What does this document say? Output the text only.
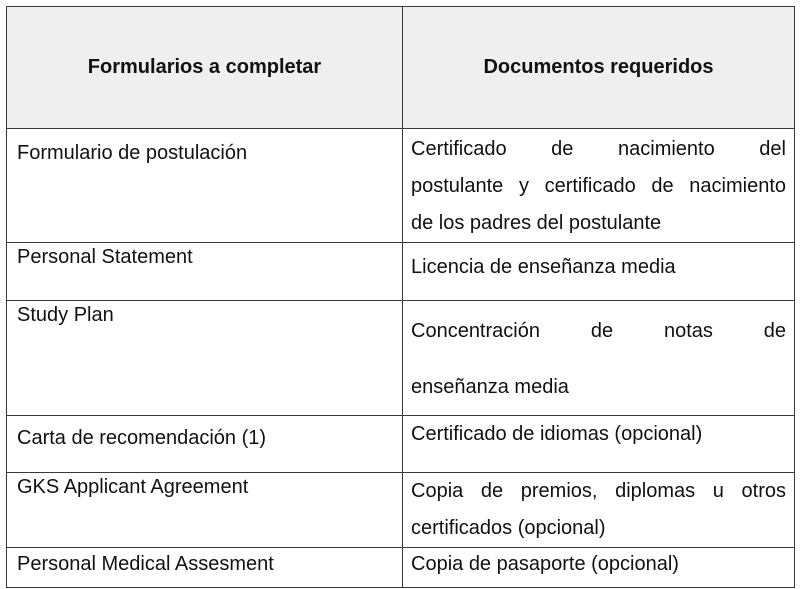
Formularios a completar	Documentos requeridos
Formulario de postulación	Certificado de nacimiento del
postulante y certificado de nacimiento
de los padres del postulante

Personal Statement	Licencia de enseñanza media

Study Plan	Concentración de notas de
enseñanza media

Carta de recomendación (1)	Certificado de idiomas (opcional)

GKS Applicant Agreement	Copia de premios, diplomas u otros
certificados (opcional)

Personal Medical Assesment	Copia de pasaporte (opcional)
